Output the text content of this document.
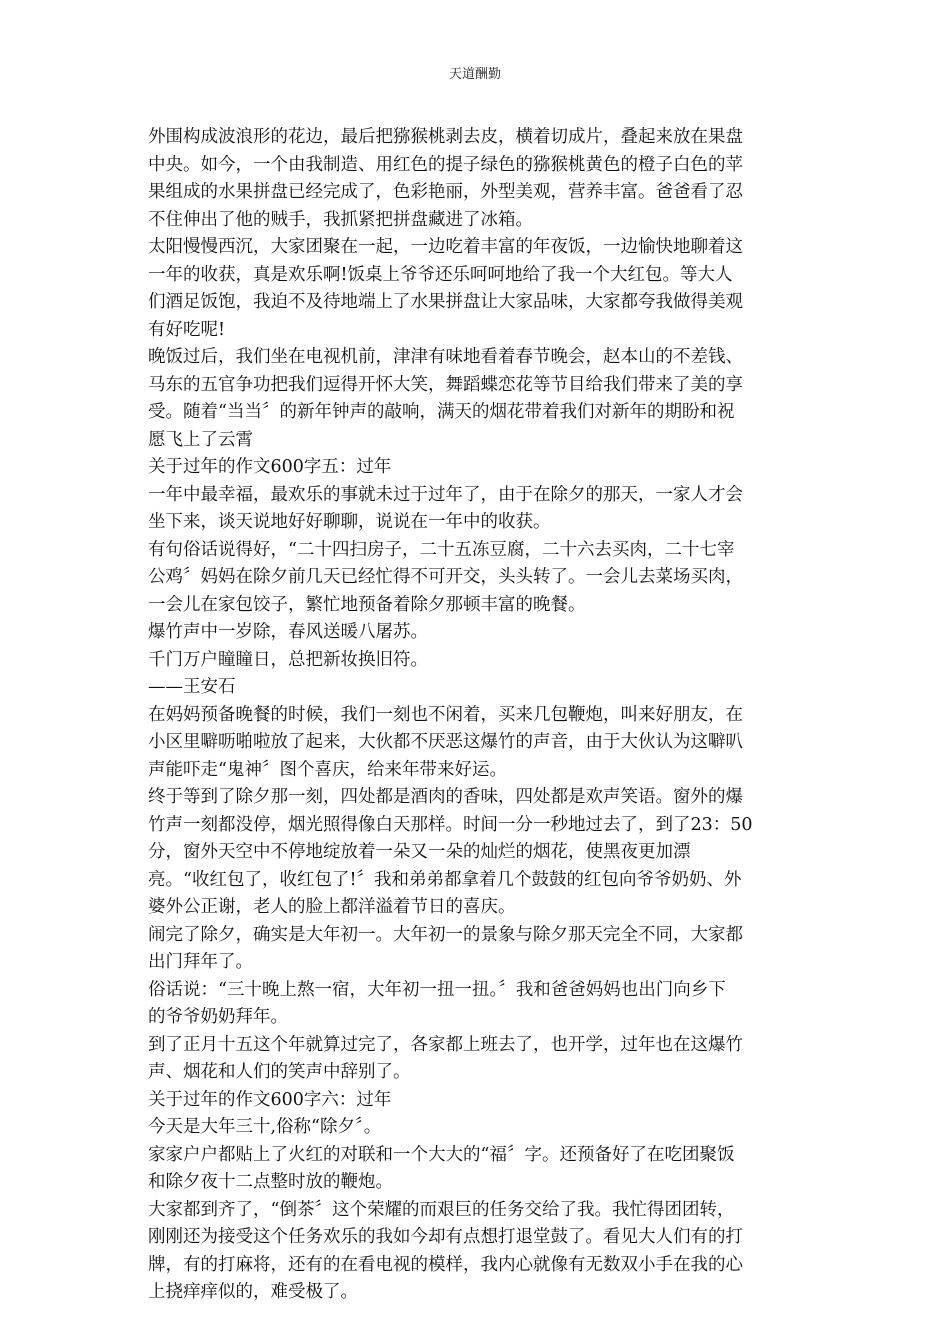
天道酬勤

外围构成波浪形的花边，最后把猕猴桃剥去皮，横着切成片，叠起来放在果盘
中央。如今，一个由我制造、用红色的提子绿色的猕猴桃黄色的橙子白色的苹
果组成的水果拼盘已经完成了，色彩艳丽，外型美观，营养丰富。爸爸看了忍
不住伸出了他的贼手，我抓紧把拼盘藏进了冰箱。

太阳慢慢西沉，大家团聚在一起，一边吃着丰富的年夜饭，一边愉快地聊着这
一年的收获，真是欢乐啊!饭桌上爷爷还乐呵呵地给了我一个大红包。等大人
们酒足饭饱，我迫不及待地端上了水果拼盘让大家品味，大家都夸我做得美观
有好吃呢!

晚饭过后，我们坐在电视机前，津津有味地看着春节晚会，赵本山的不差钱、
马东的五官争功把我们逗得开怀大笑，舞蹈蝶恋花等节目给我们带来了美的享
受。随着“当当〞的新年钟声的敲响，满天的烟花带着我们对新年的期盼和祝
愿飞上了云霄

关于过年的作文600字五：过年

一年中最幸福，最欢乐的事就未过于过年了，由于在除夕的那天，一家人才会
坐下来，谈天说地好好聊聊，说说在一年中的收获。

有句俗话说得好，“二十四扫房子，二十五冻豆腐，二十六去买肉，二十七宰
公鸡〞妈妈在除夕前几天已经忙得不可开交，头头转了。一会儿去菜场买肉，
一会儿在家包饺子，繁忙地预备着除夕那顿丰富的晚餐。

爆竹声中一岁除，春风送暖八屠苏。

千门万户瞳瞳日，总把新妆换旧符。

——王安石

在妈妈预备晚餐的时候，我们一刻也不闲着，买来几包鞭炮，叫来好朋友，在
小区里噼呖啪啦放了起来，大伙都不厌恶这爆竹的声音，由于大伙认为这噼叭
声能吓走“鬼神〞图个喜庆，给来年带来好运。

终于等到了除夕那一刻，四处都是酒肉的香味，四处都是欢声笑语。窗外的爆
竹声一刻都没停，烟光照得像白天那样。时间一分一秒地过去了，到了23：50
分，窗外天空中不停地绽放着一朵又一朵的灿烂的烟花，使黑夜更加漂
亮。“收红包了，收红包了!〞我和弟弟都拿着几个鼓鼓的红包向爷爷奶奶、外
婆外公正谢，老人的脸上都洋溢着节日的喜庆。

闹完了除夕，确实是大年初一。大年初一的景象与除夕那天完全不同，大家都
出门拜年了。

俗话说：“三十晚上熬一宿，大年初一扭一扭。〞我和爸爸妈妈也出门向乡下
的爷爷奶奶拜年。

到了正月十五这个年就算过完了，各家都上班去了，也开学，过年也在这爆竹
声、烟花和人们的笑声中辞别了。

关于过年的作文600字六：过年

今天是大年三十,俗称“除夕〞。

家家户户都贴上了火红的对联和一个大大的“福〞字。还预备好了在吃团聚饭
和除夕夜十二点整时放的鞭炮。

大家都到齐了，“倒茶〞这个荣耀的而艰巨的任务交给了我。我忙得团团转，
刚刚还为接受这个任务欢乐的我如今却有点想打退堂鼓了。看见大人们有的打
牌，有的打麻将，还有的在看电视的模样，我内心就像有无数双小手在我的心
上挠痒痒似的，难受极了。
